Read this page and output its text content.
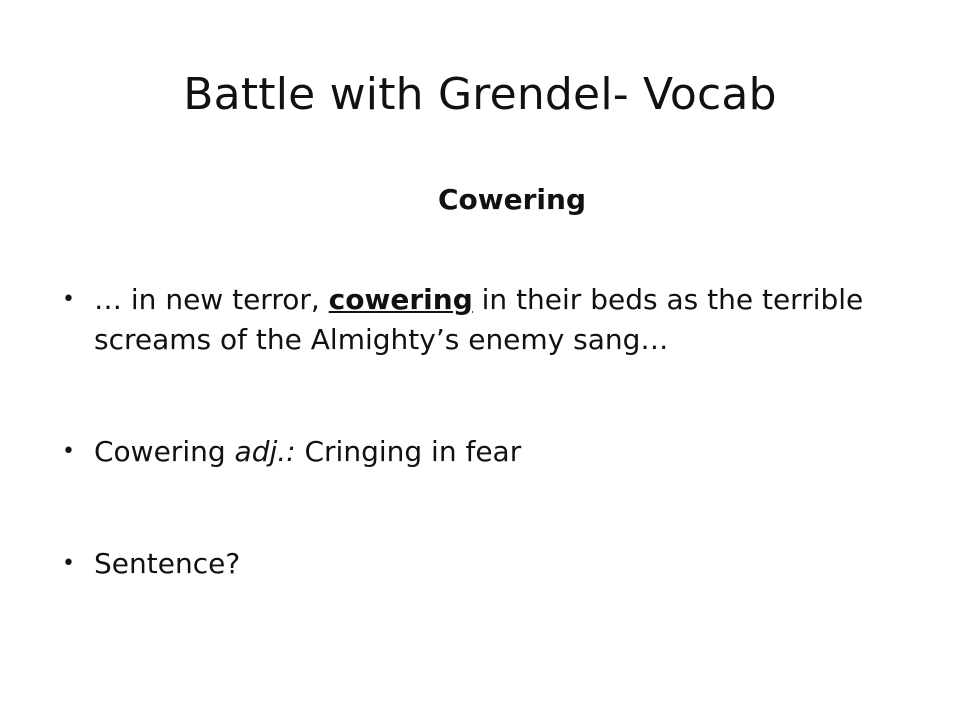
Battle with Grendel- Vocab
Cowering
• … in new terror, cowering in their beds as the terrible screams of the Almighty’s enemy sang…
• Cowering adj.: Cringing in fear
• Sentence?
